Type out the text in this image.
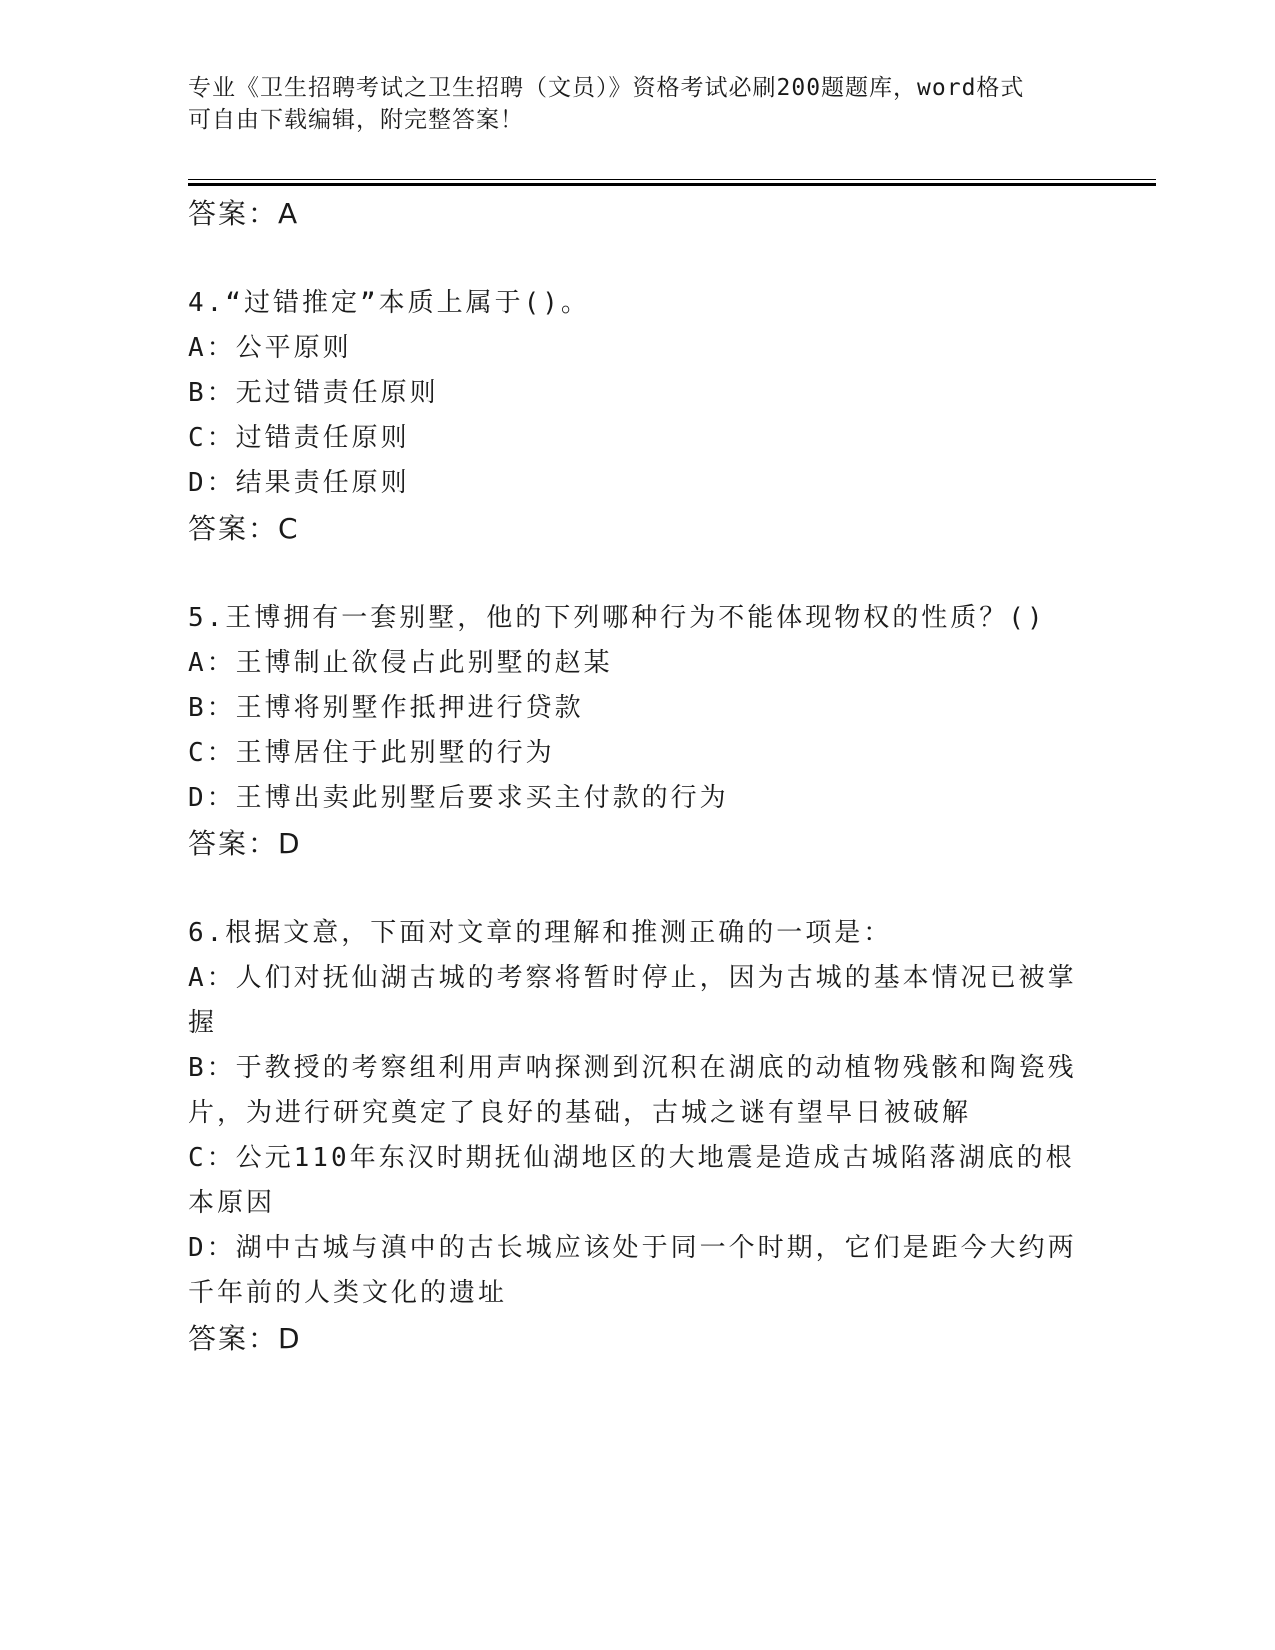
专业《卫生招聘考试之卫生招聘（文员）》资格考试必刷200题题库，word格式
可自由下载编辑，附完整答案！
答案：A
4.“过错推定”本质上属于()。
A：公平原则
B：无过错责任原则
C：过错责任原则
D：结果责任原则
答案：C
5.王博拥有一套别墅，他的下列哪种行为不能体现物权的性质？()
A：王博制止欲侵占此别墅的赵某
B：王博将别墅作抵押进行贷款
C：王博居住于此别墅的行为
D：王博出卖此别墅后要求买主付款的行为
答案：D
6.根据文意，下面对文章的理解和推测正确的一项是：
A：人们对抚仙湖古城的考察将暂时停止，因为古城的基本情况已被掌握
B：于教授的考察组利用声呐探测到沉积在湖底的动植物残骸和陶瓷残片，为进行研究奠定了良好的基础，古城之谜有望早日被破解
C：公元110年东汉时期抚仙湖地区的大地震是造成古城陷落湖底的根本原因
D：湖中古城与滇中的古长城应该处于同一个时期，它们是距今大约两千年前的人类文化的遗址
答案：D
